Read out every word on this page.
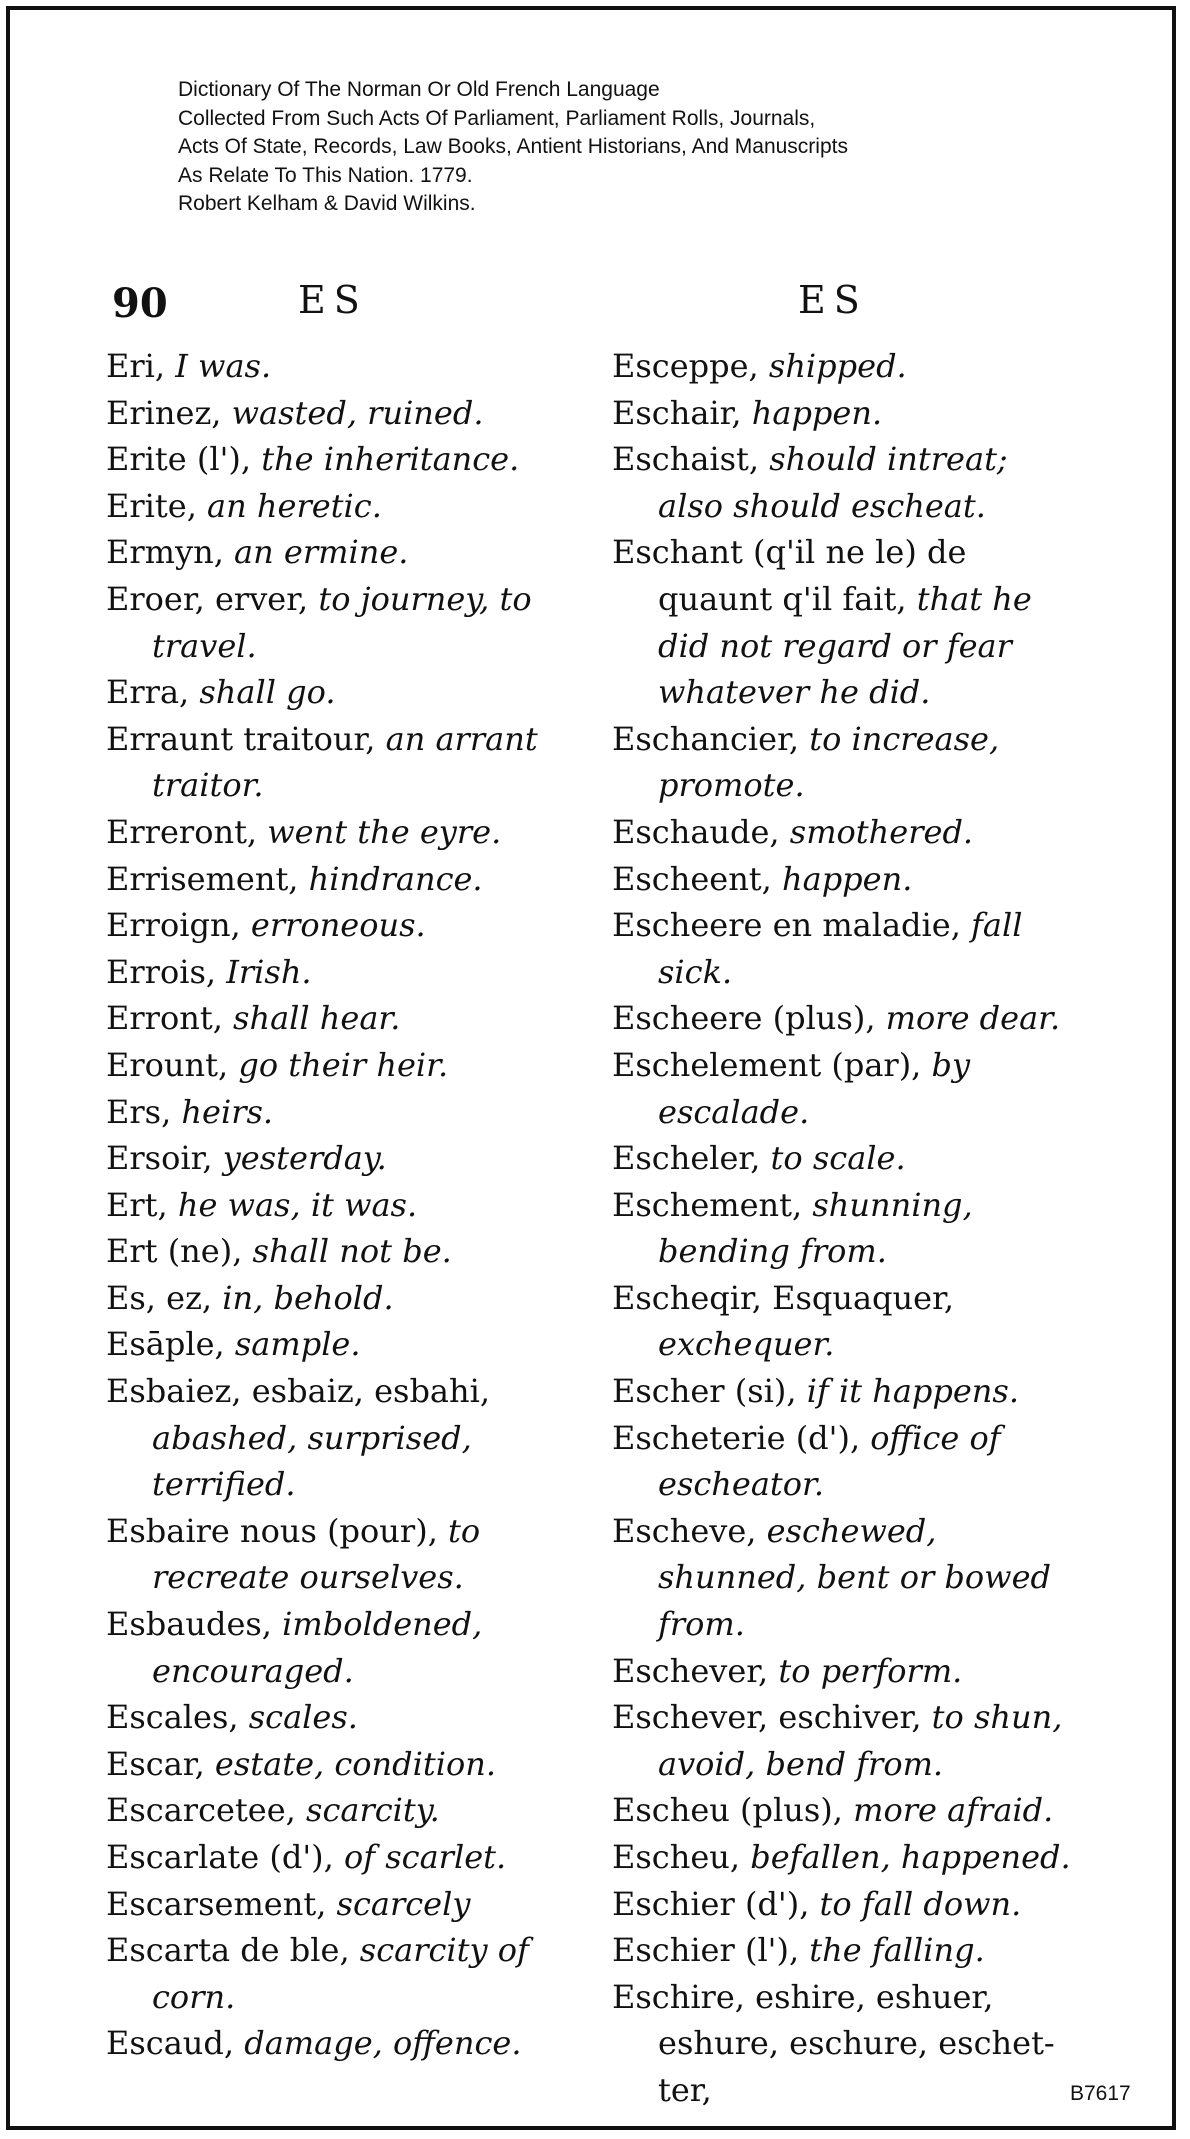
Dictionary Of The Norman Or Old French Language
Collected From Such Acts Of Parliament, Parliament Rolls, Journals,
Acts Of State, Records, Law Books, Antient Historians, And Manuscripts
As Relate To This Nation. 1779.
Robert Kelham & David Wilkins.
90	ES	ES
Eri, I was.
Erinez, wasted, ruined.
Erite (l'), the inheritance.
Erite, an heretic.
Ermyn, an ermine.
Eroer, erver, to journey, to travel.
Erra, shall go.
Erraunt traitour, an arrant traitor.
Erreront, went the eyre.
Errisement, hindrance.
Erroign, erroneous.
Errois, Irish.
Erront, shall hear.
Erount, go their heir.
Ers, heirs.
Ersoir, yesterday.
Ert, he was, it was.
Ert (ne), shall not be.
Es, ez, in, behold.
Esāple, sample.
Esbaiez, esbaiz, esbahi, abashed, surprised, terrified.
Esbaire nous (pour), to recreate ourselves.
Esbaudes, imboldened, encouraged.
Escales, scales.
Escar, estate, condition.
Escarcetee, scarcity.
Escarlate (d'), of scarlet.
Escarsement, scarcely
Escarta de ble, scarcity of corn.
Escaud, damage, offence.
Esceppe, shipped.
Eschair, happen.
Eschaist, should intreat; also should escheat.
Eschant (q'il ne le) de quaunt q'il fait, that he did not regard or fear whatever he did.
Eschancier, to increase, promote.
Eschaude, smothered.
Escheent, happen.
Escheere en maladie, fall sick.
Escheere (plus), more dear.
Eschelement (par), by escalade.
Escheler, to scale.
Eschement, shunning, bending from.
Escheqir, Esquaquer, exchequer.
Escher (si), if it happens.
Escheterie (d'), office of escheator.
Escheve, eschewed, shunned, bent or bowed from.
Eschever, to perform.
Eschever, eschiver, to shun, avoid, bend from.
Escheu (plus), more afraid.
Escheu, befallen, happened.
Eschier (d'), to fall down.
Eschier (l'), the falling.
Eschire, eshire, eshuer, eshure, eschure, eschet-ter,	B7617
